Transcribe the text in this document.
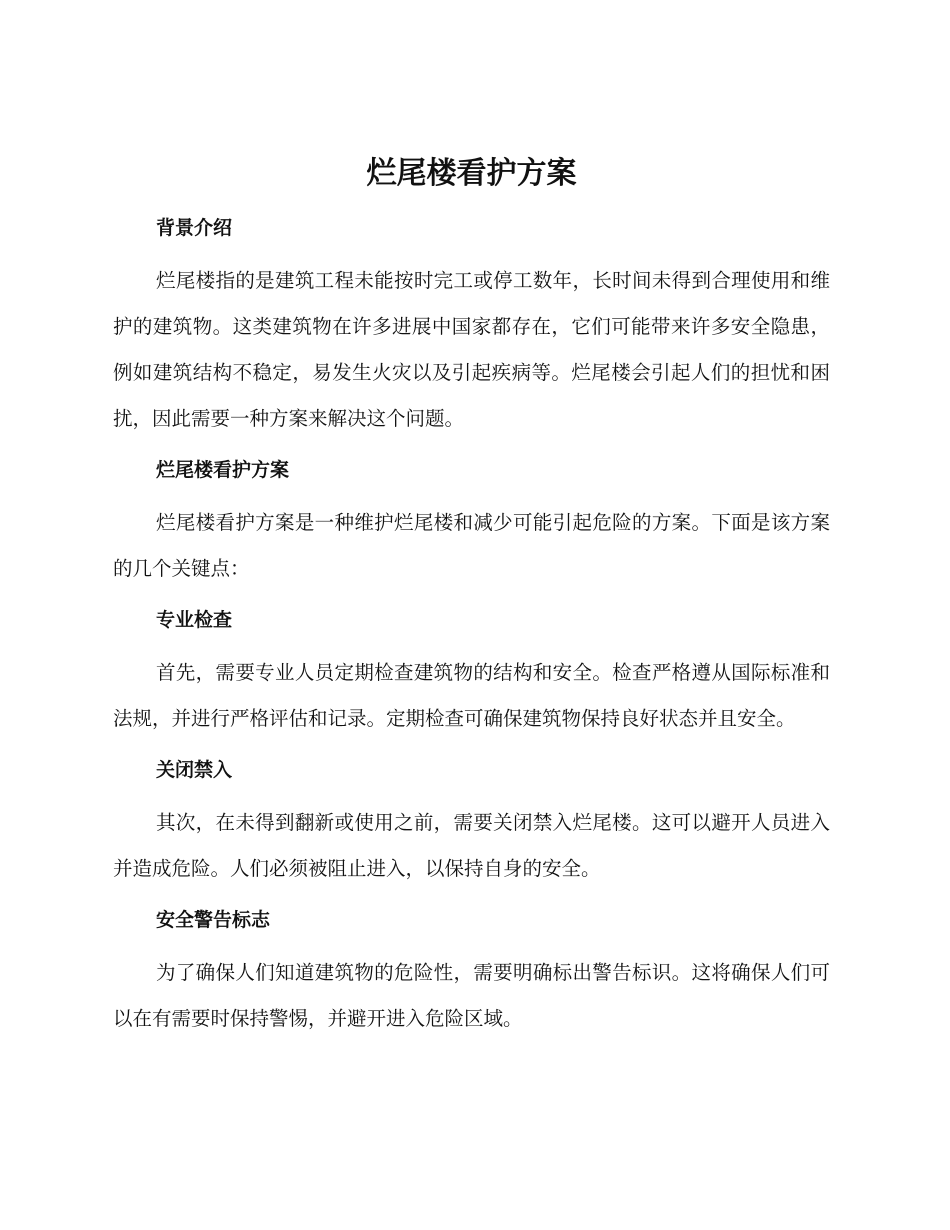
烂尾楼看护方案
背景介绍

烂尾楼指的是建筑工程未能按时完工或停工数年，长时间未得到合理使用和维护的建筑物。这类建筑物在许多进展中国家都存在，它们可能带来许多安全隐患，例如建筑结构不稳定，易发生火灾以及引起疾病等。烂尾楼会引起人们的担忧和困扰，因此需要一种方案来解决这个问题。

烂尾楼看护方案

烂尾楼看护方案是一种维护烂尾楼和减少可能引起危险的方案。下面是该方案的几个关键点：

专业检查

首先，需要专业人员定期检查建筑物的结构和安全。检查严格遵从国际标准和法规，并进行严格评估和记录。定期检查可确保建筑物保持良好状态并且安全。

关闭禁入

其次，在未得到翻新或使用之前，需要关闭禁入烂尾楼。这可以避开人员进入并造成危险。人们必须被阻止进入，以保持自身的安全。

安全警告标志

为了确保人们知道建筑物的危险性，需要明确标出警告标识。这将确保人们可以在有需要时保持警惕，并避开进入危险区域。
